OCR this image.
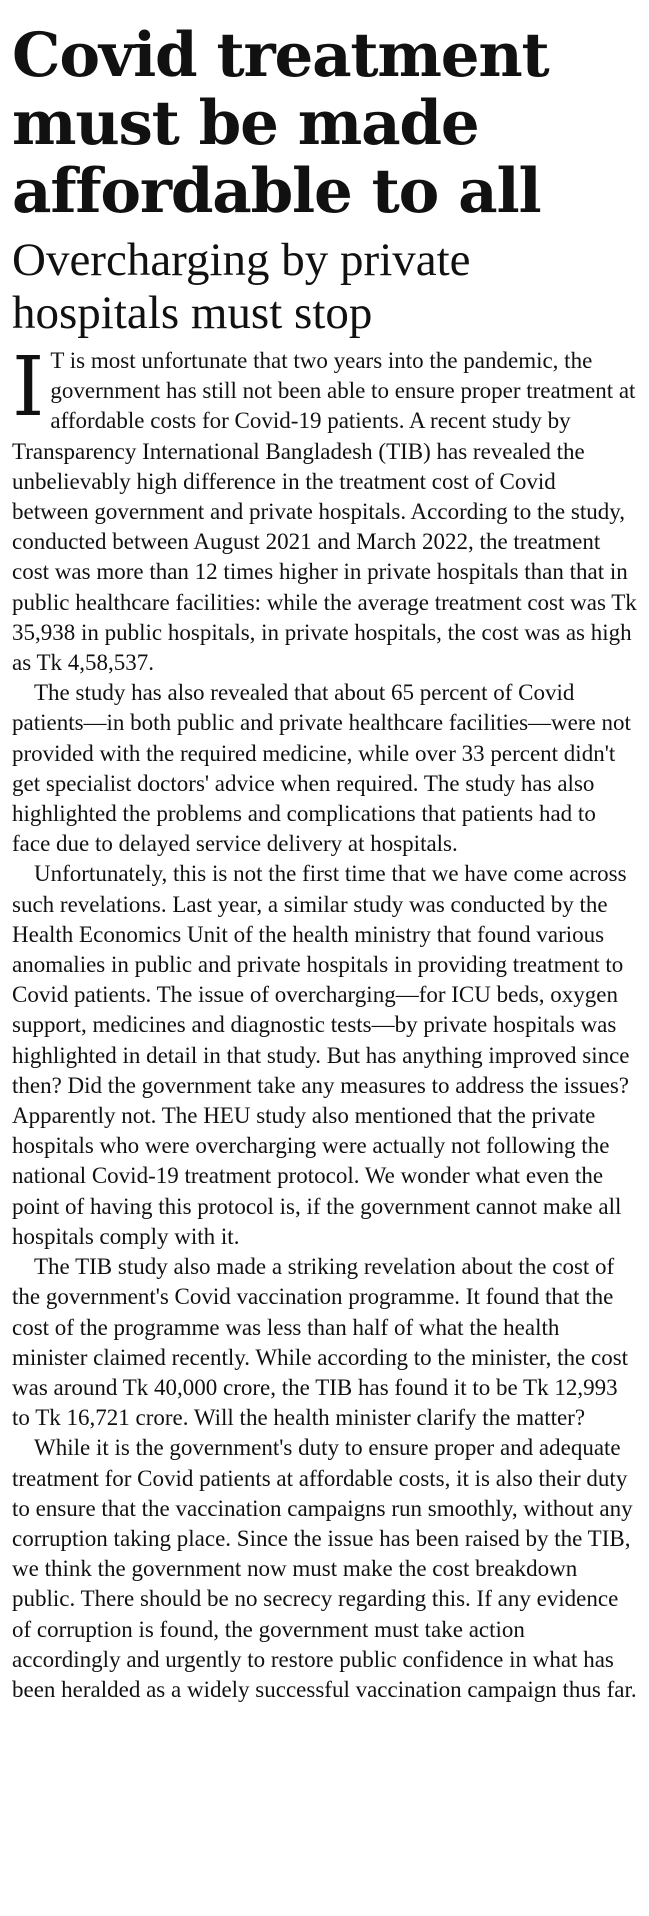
Covid treatment
must be made
affordable to all
Overcharging by private
hospitals must stop

I T is most unfortunate that two years into the pandemic, the government has still not been able to ensure proper treatment at affordable costs for Covid-19 patients. A recent study by Transparency International Bangladesh (TIB) has revealed the unbelievably high difference in the treatment cost of Covid between government and private hospitals. According to the study, conducted between August 2021 and March 2022, the treatment cost was more than 12 times higher in private hospitals than that in public healthcare facilities: while the average treatment cost was Tk 35,938 in public hospitals, in private hospitals, the cost was as high as Tk 4,58,537.

The study has also revealed that about 65 percent of Covid patients—in both public and private healthcare facilities—were not provided with the required medicine, while over 33 percent didn't get specialist doctors' advice when required. The study has also highlighted the problems and complications that patients had to face due to delayed service delivery at hospitals.

Unfortunately, this is not the first time that we have come across such revelations. Last year, a similar study was conducted by the Health Economics Unit of the health ministry that found various anomalies in public and private hospitals in providing treatment to Covid patients. The issue of overcharging—for ICU beds, oxygen support, medicines and diagnostic tests—by private hospitals was highlighted in detail in that study. But has anything improved since then? Did the government take any measures to address the issues? Apparently not. The HEU study also mentioned that the private hospitals who were overcharging were actually not following the national Covid-19 treatment protocol. We wonder what even the point of having this protocol is, if the government cannot make all hospitals comply with it.

The TIB study also made a striking revelation about the cost of the government's Covid vaccination programme. It found that the cost of the programme was less than half of what the health minister claimed recently. While according to the minister, the cost was around Tk 40,000 crore, the TIB has found it to be Tk 12,993 to Tk 16,721 crore. Will the health minister clarify the matter?

While it is the government's duty to ensure proper and adequate treatment for Covid patients at affordable costs, it is also their duty to ensure that the vaccination campaigns run smoothly, without any corruption taking place. Since the issue has been raised by the TIB, we think the government now must make the cost breakdown public. There should be no secrecy regarding this. If any evidence of corruption is found, the government must take action accordingly and urgently to restore public confidence in what has been heralded as a widely successful vaccination campaign thus far.
